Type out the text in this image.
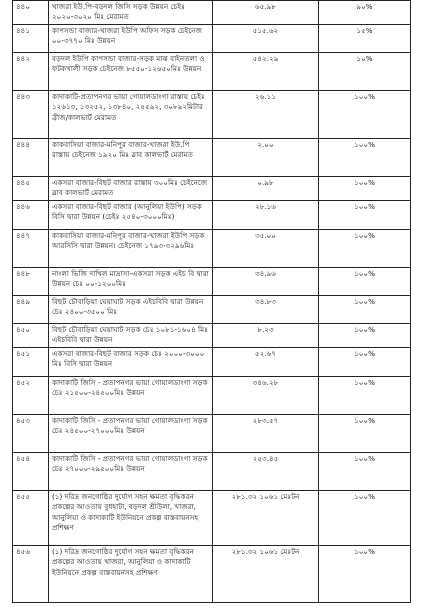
৪৪০	খাজরা ইউ.পি-বড়দল জিসি সড়ক উন্নয়ন চেইঃ ২০২০-৩০২০ মিঃ মেরামত	৬৫.৯৮	৯০%
৪৪১	কাপসন্ডা বাজার-খাজরা ইউপি অফিস সড়ক চেইনেজ ০০-৩৭৭০ মিঃ উন্নয়ন	৫১৫.৬২	১৫%
৪৪২	বড়দল ইউপি কাপসন্ডা বাজার-সড়ক মাঝ বাইনতলা ও ফটকখালী সড়ক চেইনেজ ৮৫৫০-১২৬৫০মিঃ উন্নয়ন	৫৪২.২৯	১০%
৪৪৩	কাদাকাটি-প্রতাপনগর ভায়া গোয়ালডাংগা রাস্তায় চেইঃ ১২৬১৩, ১৩২৫২, ১৩৮৪০, ২৫৫৯২, ৩০৮৯২মিটার ব্রীজ/কালভার্ট মেরামত	২৬.১১	১০০%
৪৪৪	কাকবাসিয়া বাজার-মনিপুর বাজার-খাজরা ইউ.পি রাস্তায় চেইনেজ ১৯২০ মিঃ স্লাব কালভার্ট মেরামত	২.০০	১০০%
৪৪৫	একসরা বাজার-বিছট বাজার রাস্তায় ৩০০মিঃ চেইনেজে স্লাব কালভার্ট মেরামত	০.৯৮	১০০%
৪৪৬	একসরা বাজার-বিছট বাজার (আনুলিয়া ইউপি) সড়ক বিসি দ্বারা উন্নয়ন (চেইঃ ২৫৪০-৩০০০মিঃ)	২৮.১৬	১০০%
৪৪৭	কাকবাসিয়া বাজার-মনিপুর বাজার-খাজরা ইউপি সড়ক আরসিসি দ্বারা উন্নয়ন। চেইনেজ ১৭৯৩-৩২৯৬মিঃ	৩৫.০০	১০০%
৪৪৮	নাংলা ভিজি দাখিল মাদ্রাসা-একসরা সড়ক এইচ বি দ্বারা উন্নয়ন চেঃ ০০-১২০০মিঃ	৩৪.৯৬	১০০%
৪৪৯	বিছট চৌবাড়িয়া ঘেয়াঘাট সড়ক এইচবিবি দ্বারা উন্নয়ন চেঃ ২৪০০-৩৫০০ মিঃ	৩৪.৮৩	১০০%
৪৫০	বিছট চৌবাড়িয়া ঘেয়াঘাট সড়ক চেঃ ১০৮১-১৬০৪ মিঃ এইচবিবি দ্বারা উন্নয়ন	৮.২৩	১০০%
৪৫১	একসরা বাজার-বিছট বাজার সড়ক চেঃ ২০০০-৩০০০ মিঃ বিসি দ্বারা উন্নয়ন	৫২.৬৭	১০০%
৪৫২	কাদাকাটি জিসি - প্রতাপনগর ভায়া গোয়ালডাংগা সড়ক চেঃ ২১৫০০-২৪৫০০মিঃ উন্নয়ন	৩৪৬.২৮	১০০%
৪৫৩	কাদাকাটি জিসি - প্রতাপনগর ভায়া গোয়ালডাংগা সড়ক চেঃ ২৪৫০০-২৭০০০মিঃ উন্নয়ন	২৮৩.৫৭	১০০%
৪৫৪	কাদাকাটি জিসি - প্রতাপনগর ভায়া গোয়ালডাংগা সড়ক চেঃ ২৭০০০-২৯৫০০মিঃ উন্নয়ন	২৫৩.৪৫	১০০%
৪৫৫	(১) দরিদ্র জনগোষ্ঠির দুর্যোগ সহন ক্ষমতা বৃদ্ধিকরন প্রকল্পের আওতায় বুধহাটা, বড়দল শ্রীউলা, খাজরা, আনুলিয়া ও কাদাকাটি ইউনিয়নে প্রকল্প বাস্তবায়নসহ প্রশিক্ষণ	২৮১.৩২ ১০৬১ মেঃটন	১০০%
৪৫৬	(১) দরিদ্র জনগোষ্ঠির দুর্যোগ সহন ক্ষমতা বৃদ্ধিকরন প্রকল্পের আওতায় খাজরা, আনুলিয়া ও কাদাকাটি ইউনিয়নে প্রকল্প বাস্তবায়নসহ প্রশিক্ষণ	২৮১.৩২ ১০৬১ মেঃটন	১০০%
